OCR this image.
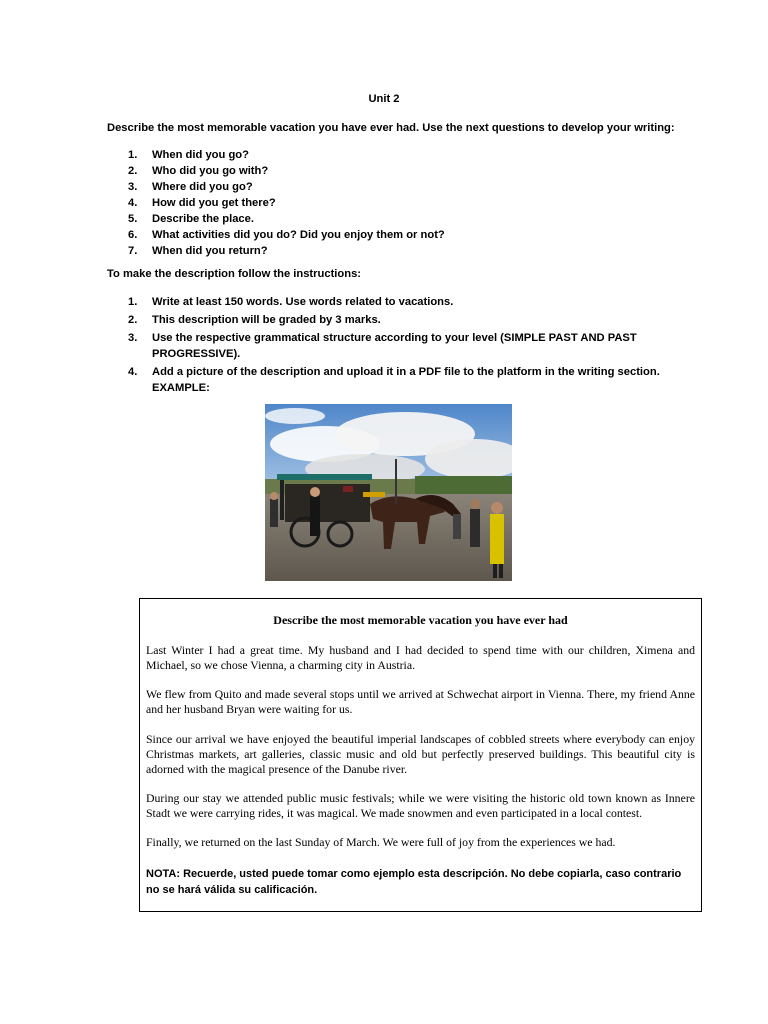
Unit 2
Describe the most memorable vacation you have ever had. Use the next questions to develop your writing:
1. When did you go?
2. Who did you go with?
3. Where did you go?
4. How did you get there?
5. Describe the place.
6. What activities did you do? Did you enjoy them or not?
7. When did you return?
To make the description follow the instructions:
1. Write at least 150 words. Use words related to vacations.
2. This description will be graded by 3 marks.
3. Use the respective grammatical structure according to your level (SIMPLE PAST AND PAST PROGRESSIVE).
4. Add a picture of the description and upload it in a PDF file to the platform in the writing section. EXAMPLE:
Describe the most memorable vacation you have ever had

Last Winter I had a great time. My husband and I had decided to spend time with our children, Ximena and Michael, so we chose Vienna, a charming city in Austria.

We flew from Quito and made several stops until we arrived at Schwechat airport in Vienna. There, my friend Anne and her husband Bryan were waiting for us.

Since our arrival we have enjoyed the beautiful imperial landscapes of cobbled streets where everybody can enjoy Christmas markets, art galleries, classic music and old but perfectly preserved buildings. This beautiful city is adorned with the magical presence of the Danube river.

During our stay we attended public music festivals; while we were visiting the historic old town known as Innere Stadt we were carrying rides, it was magical. We made snowmen and even participated in a local contest.

Finally, we returned on the last Sunday of March. We were full of joy from the experiences we had.

NOTA: Recuerde, usted puede tomar como ejemplo esta descripción. No debe copiarla, caso contrario no se hará válida su calificación.
